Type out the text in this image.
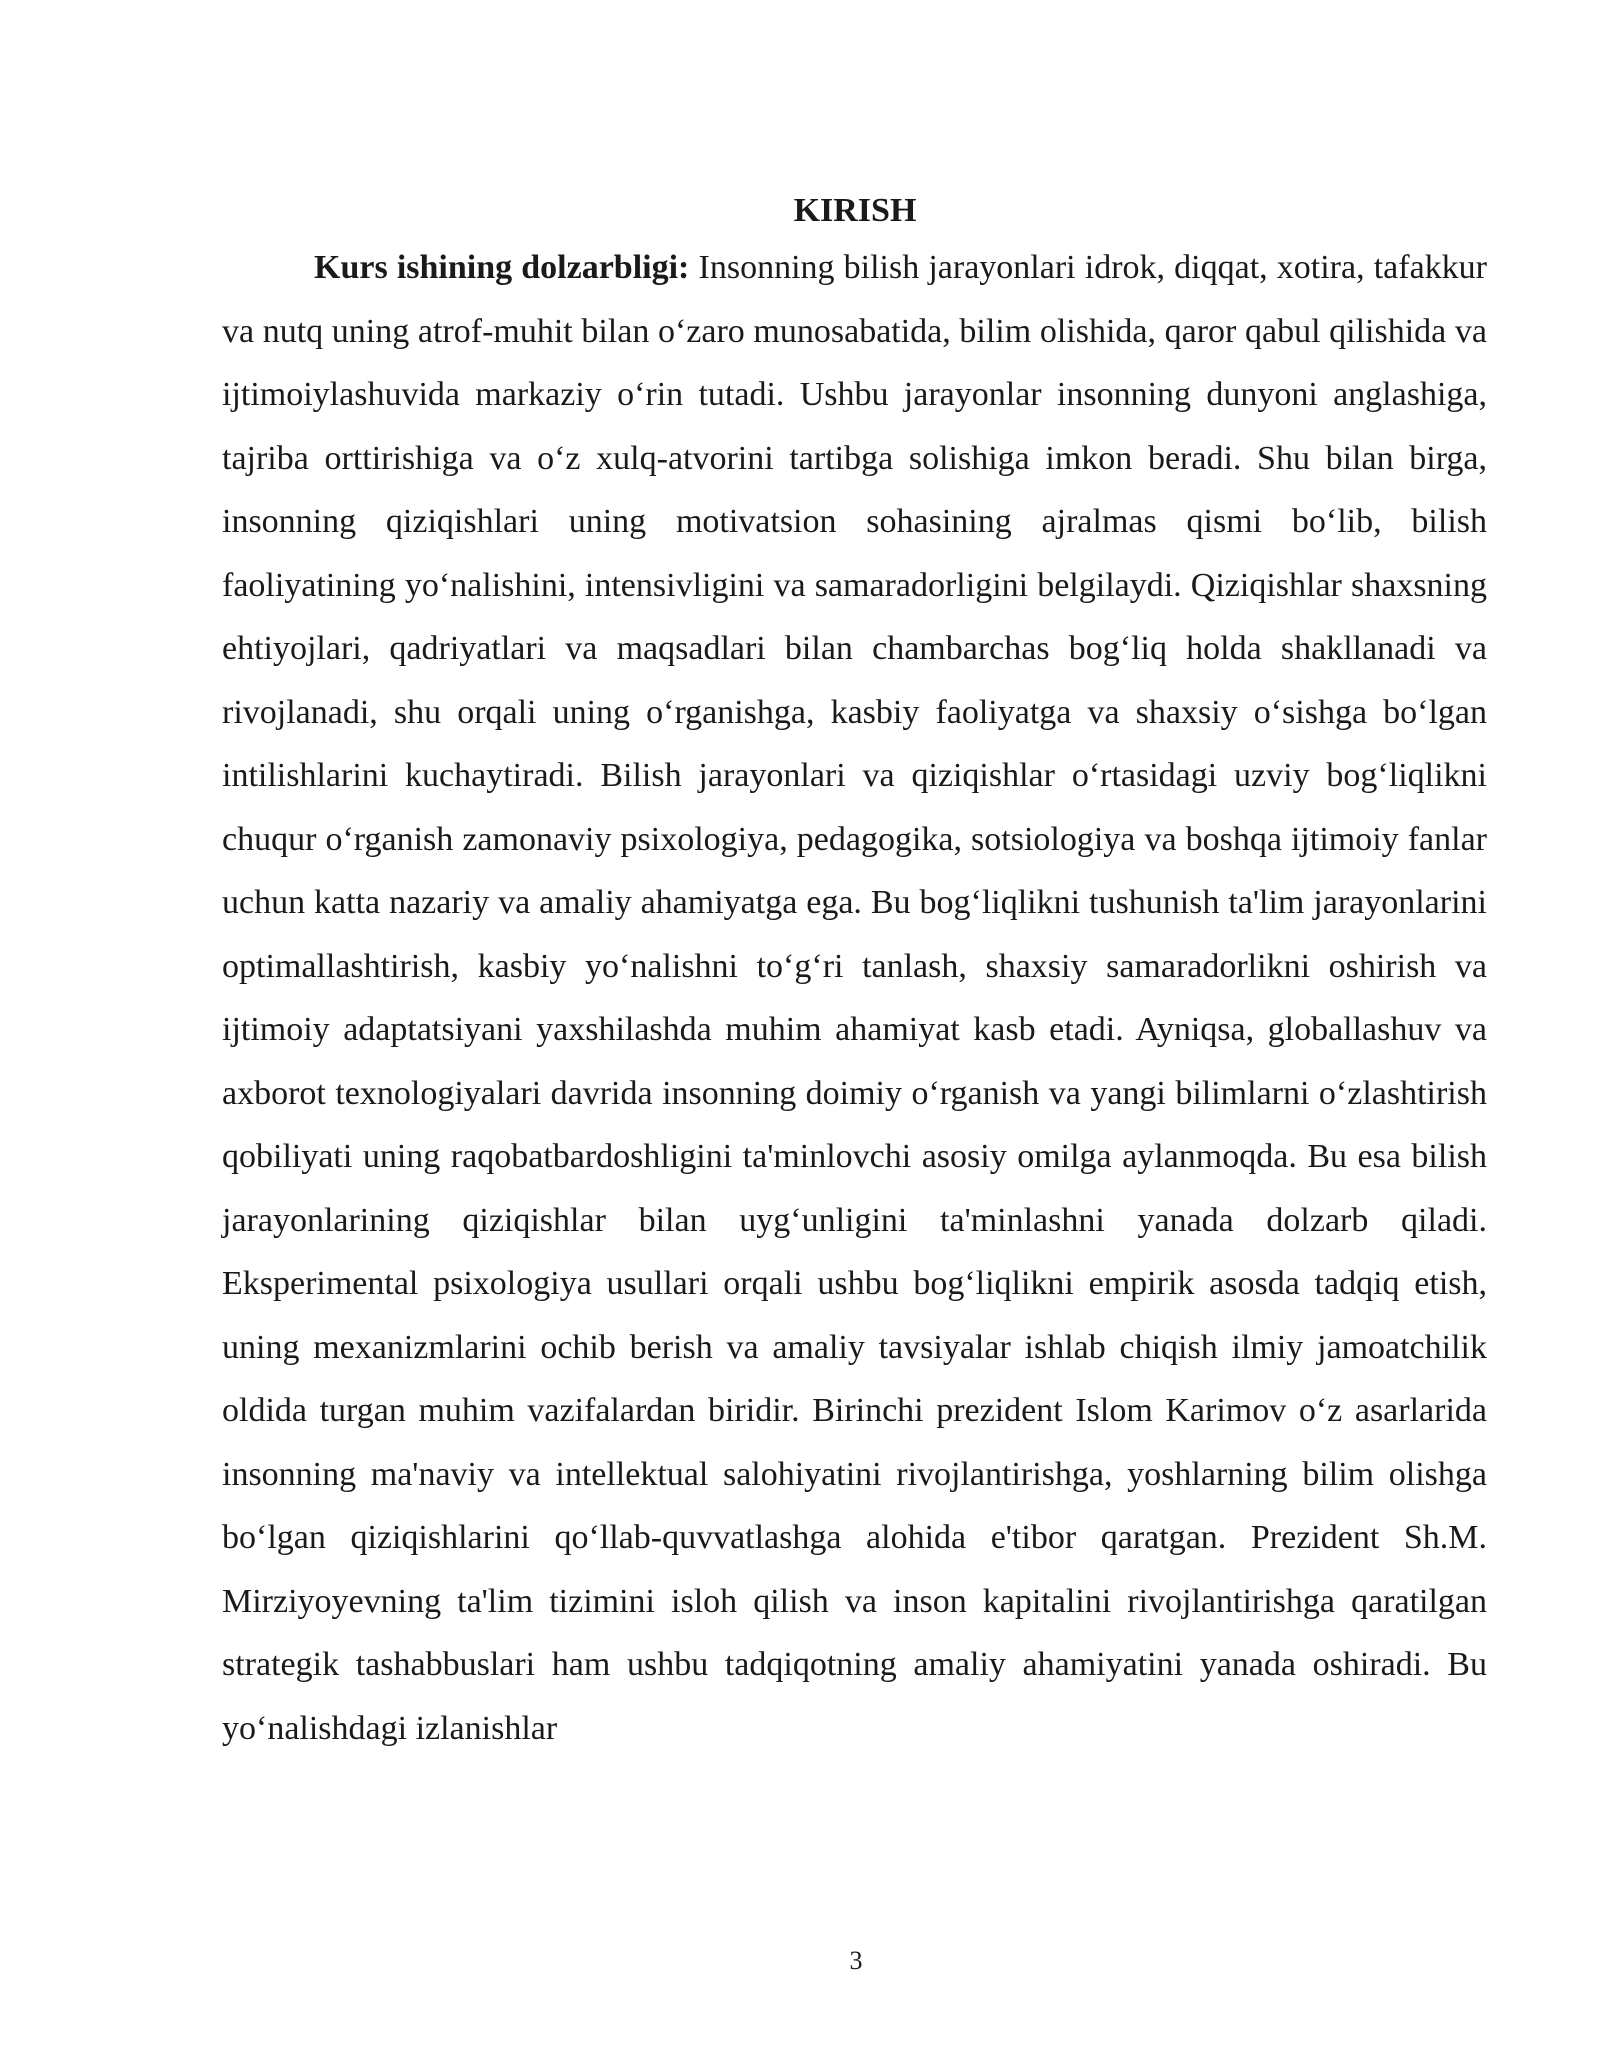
KIRISH

Kurs ishining dolzarbligi: Insonning bilish jarayonlari idrok, diqqat, xotira, tafakkur va nutq uning atrof-muhit bilan oʻzaro munosabatida, bilim olishida, qaror qabul qilishida va ijtimoiylashuvida markaziy oʻrin tutadi. Ushbu jarayonlar insonning dunyoni anglashiga, tajriba orttirishiga va oʻz xulq-atvorini tartibga solishiga imkon beradi. Shu bilan birga, insonning qiziqishlari uning motivatsion sohasining ajralmas qismi boʻlib, bilish faoliyatining yoʻnalishini, intensivligini va samaradorligini belgilaydi. Qiziqishlar shaxsning ehtiyojlari, qadriyatlari va maqsadlari bilan chambarchas bogʻliq holda shakllanadi va rivojlanadi, shu orqali uning oʻrganishga, kasbiy faoliyatga va shaxsiy oʻsishga boʻlgan intilishlarini kuchaytiradi. Bilish jarayonlari va qiziqishlar oʻrtasidagi uzviy bogʻliqlikni chuqur oʻrganish zamonaviy psixologiya, pedagogika, sotsiologiya va boshqa ijtimoiy fanlar uchun katta nazariy va amaliy ahamiyatga ega. Bu bogʻliqlikni tushunish ta'lim jarayonlarini optimallashtirish, kasbiy yoʻnalishni toʻgʻri tanlash, shaxsiy samaradorlikni oshirish va ijtimoiy adaptatsiyani yaxshilashda muhim ahamiyat kasb etadi. Ayniqsa, globallashuv va axborot texnologiyalari davrida insonning doimiy oʻrganish va yangi bilimlarni oʻzlashtirish qobiliyati uning raqobatbardoshligini ta'minlovchi asosiy omilga aylanmoqda. Bu esa bilish jarayonlarining qiziqishlar bilan uygʻunligini ta'minlashni yanada dolzarb qiladi. Eksperimental psixologiya usullari orqali ushbu bogʻliqlikni empirik asosda tadqiq etish, uning mexanizmlarini ochib berish va amaliy tavsiyalar ishlab chiqish ilmiy jamoatchilik oldida turgan muhim vazifalardan biridir. Birinchi prezident Islom Karimov oʻz asarlarida insonning ma'naviy va intellektual salohiyatini rivojlantirishga, yoshlarning bilim olishga boʻlgan qiziqishlarini qoʻllab-quvvatlashga alohida e'tibor qaratgan. Prezident Sh.M. Mirziyoyevning ta'lim tizimini isloh qilish va inson kapitalini rivojlantirishga qaratilgan strategik tashabbuslari ham ushbu tadqiqotning amaliy ahamiyatini yanada oshiradi. Bu yoʻnalishdagi izlanishlar

3
